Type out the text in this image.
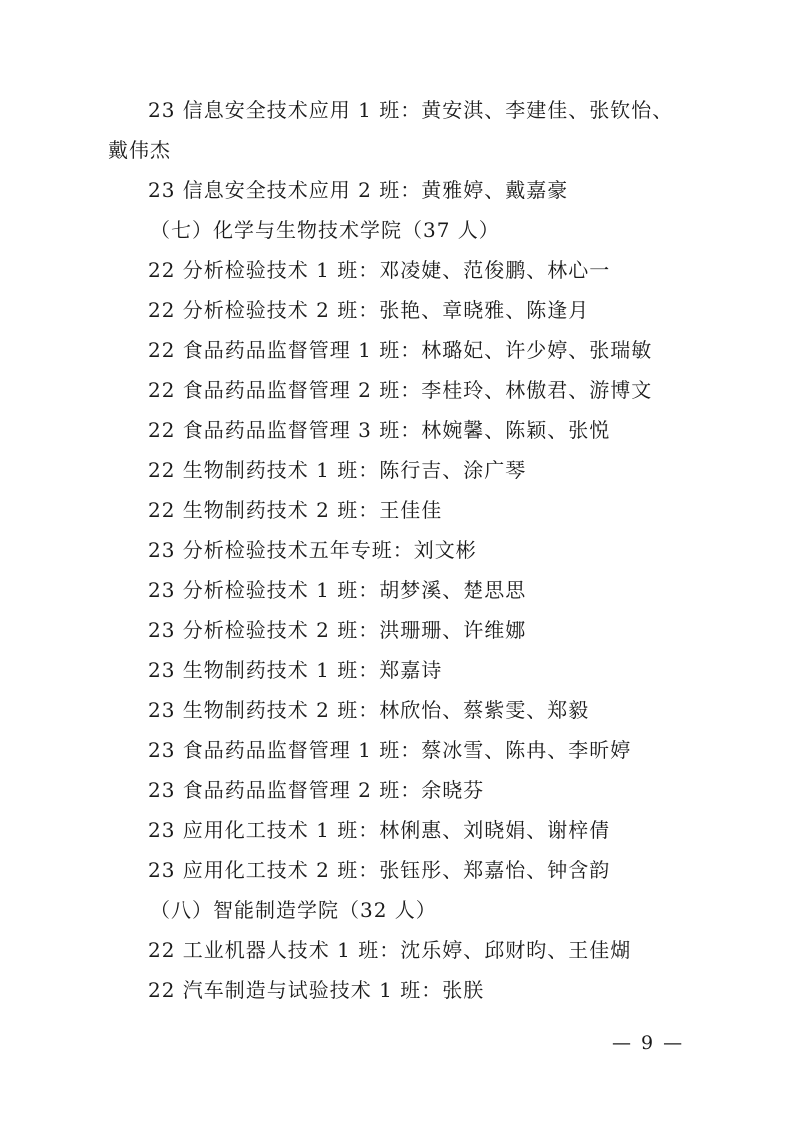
23 信息安全技术应用 1 班：黄安淇、李建佳、张钦怡、
戴伟杰
23 信息安全技术应用 2 班：黄雅婷、戴嘉豪
（七）化学与生物技术学院（37 人）
22 分析检验技术 1 班：邓凌婕、范俊鹏、林心一
22 分析检验技术 2 班：张艳、章晓雅、陈逢月
22 食品药品监督管理 1 班：林璐妃、许少婷、张瑞敏
22 食品药品监督管理 2 班：李桂玲、林傲君、游博文
22 食品药品监督管理 3 班：林婉馨、陈颖、张悦
22 生物制药技术 1 班：陈行吉、涂广琴
22 生物制药技术 2 班：王佳佳
23 分析检验技术五年专班：刘文彬
23 分析检验技术 1 班：胡梦溪、楚思思
23 分析检验技术 2 班：洪珊珊、许维娜
23 生物制药技术 1 班：郑嘉诗
23 生物制药技术 2 班：林欣怡、蔡紫雯、郑毅
23 食品药品监督管理 1 班：蔡冰雪、陈冉、李昕婷
23 食品药品监督管理 2 班：余晓芬
23 应用化工技术 1 班：林俐惠、刘晓娟、谢梓倩
23 应用化工技术 2 班：张钰彤、郑嘉怡、钟含韵
（八）智能制造学院（32 人）
22 工业机器人技术 1 班：沈乐婷、邱财昀、王佳煳
22 汽车制造与试验技术 1 班：张朕
— 9 —
